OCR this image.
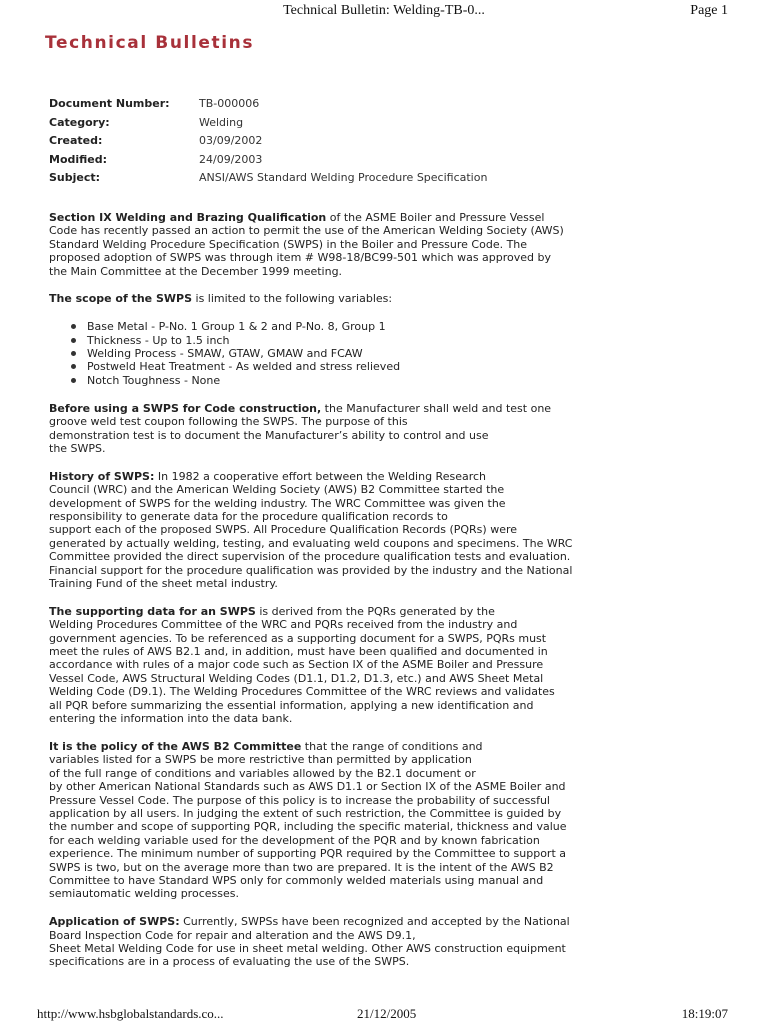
Technical Bulletin: Welding-TB-0...	Page 1
Technical Bulletins
Document Number:	TB-000006
Category:	Welding
Created:	03/09/2002
Modified:	24/09/2003
Subject:	ANSI/AWS Standard Welding Procedure Specification

Section IX Welding and Brazing Qualification of the ASME Boiler and Pressure Vessel
Code has recently passed an action to permit the use of the American Welding Society (AWS)
Standard Welding Procedure Specification (SWPS) in the Boiler and Pressure Code. The
proposed adoption of SWPS was through item # W98-18/BC99-501 which was approved by
the Main Committee at the December 1999 meeting.

The scope of the SWPS is limited to the following variables:

Base Metal - P-No. 1 Group 1 & 2 and P-No. 8, Group 1
Thickness - Up to 1.5 inch
Welding Process - SMAW, GTAW, GMAW and FCAW
Postweld Heat Treatment - As welded and stress relieved
Notch Toughness - None

Before using a SWPS for Code construction, the Manufacturer shall weld and test one
groove weld test coupon following the SWPS. The purpose of this
demonstration test is to document the Manufacturer’s ability to control and use
the SWPS.

History of SWPS: In 1982 a cooperative effort between the Welding Research
Council (WRC) and the American Welding Society (AWS) B2 Committee started the
development of SWPS for the welding industry. The WRC Committee was given the
responsibility to generate data for the procedure qualification records to
support each of the proposed SWPS. All Procedure Qualification Records (PQRs) were
generated by actually welding, testing, and evaluating weld coupons and specimens. The WRC
Committee provided the direct supervision of the procedure qualification tests and evaluation.
Financial support for the procedure qualification was provided by the industry and the National
Training Fund of the sheet metal industry.

The supporting data for an SWPS is derived from the PQRs generated by the
Welding Procedures Committee of the WRC and PQRs received from the industry and
government agencies. To be referenced as a supporting document for a SWPS, PQRs must
meet the rules of AWS B2.1 and, in addition, must have been qualified and documented in
accordance with rules of a major code such as Section IX of the ASME Boiler and Pressure
Vessel Code, AWS Structural Welding Codes (D1.1, D1.2, D1.3, etc.) and AWS Sheet Metal
Welding Code (D9.1). The Welding Procedures Committee of the WRC reviews and validates
all PQR before summarizing the essential information, applying a new identification and
entering the information into the data bank.

It is the policy of the AWS B2 Committee that the range of conditions and
variables listed for a SWPS be more restrictive than permitted by application
of the full range of conditions and variables allowed by the B2.1 document or
by other American National Standards such as AWS D1.1 or Section IX of the ASME Boiler and
Pressure Vessel Code. The purpose of this policy is to increase the probability of successful
application by all users. In judging the extent of such restriction, the Committee is guided by
the number and scope of supporting PQR, including the specific material, thickness and value
for each welding variable used for the development of the PQR and by known fabrication
experience. The minimum number of supporting PQR required by the Committee to support a
SWPS is two, but on the average more than two are prepared. It is the intent of the AWS B2
Committee to have Standard WPS only for commonly welded materials using manual and
semiautomatic welding processes.

Application of SWPS: Currently, SWPSs have been recognized and accepted by the National
Board Inspection Code for repair and alteration and the AWS D9.1,
Sheet Metal Welding Code for use in sheet metal welding. Other AWS construction equipment
specifications are in a process of evaluating the use of the SWPS.

http://www.hsbglobalstandards.co...	21/12/2005	18:19:07
